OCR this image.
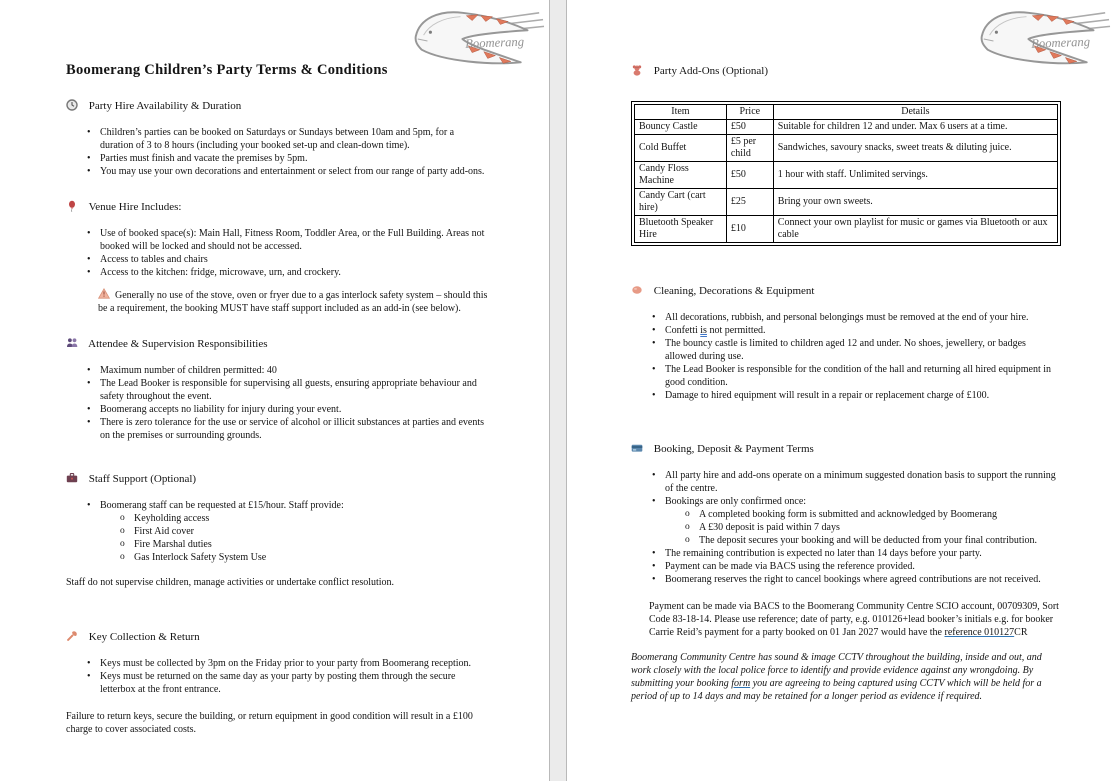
Boomerang
Boomerang Children’s Party Terms & Conditions
Party Hire Availability & Duration
• Children’s parties can be booked on Saturdays or Sundays between 10am and 5pm, for a duration of 3 to 8 hours (including your booked set-up and clean-down time).
• Parties must finish and vacate the premises by 5pm.
• You may use your own decorations and entertainment or select from our range of party add-ons.
Venue Hire Includes:
• Use of booked space(s): Main Hall, Fitness Room, Toddler Area, or the Full Building. Areas not booked will be locked and should not be accessed.
• Access to tables and chairs
• Access to the kitchen: fridge, microwave, urn, and crockery.
Generally no use of the stove, oven or fryer due to a gas interlock safety system – should this be a requirement, the booking MUST have staff support included as an add-in (see below).
Attendee & Supervision Responsibilities
• Maximum number of children permitted: 40
• The Lead Booker is responsible for supervising all guests, ensuring appropriate behaviour and safety throughout the event.
• Boomerang accepts no liability for injury during your event.
• There is zero tolerance for the use or service of alcohol or illicit substances at parties and events on the premises or surrounding grounds.
Staff Support (Optional)
• Boomerang staff can be requested at £15/hour. Staff provide:
o Keyholding access
o First Aid cover
o Fire Marshal duties
o Gas Interlock Safety System Use

Staff do not supervise children, manage activities or undertake conflict resolution.

Key Collection & Return
• Keys must be collected by 3pm on the Friday prior to your party from Boomerang reception.
• Keys must be returned on the same day as your party by posting them through the secure letterbox at the front entrance.

Failure to return keys, secure the building, or return equipment in good condition will result in a £100 charge to cover associated costs.

Boomerang
Party Add-Ons (Optional)
Item	Price	Details
Bouncy Castle	£50	Suitable for children 12 and under. Max 6 users at a time.
Cold Buffet	£5 per child	Sandwiches, savoury snacks, sweet treats & diluting juice.
Candy Floss Machine	£50	1 hour with staff. Unlimited servings.
Candy Cart (cart hire)	£25	Bring your own sweets.
Bluetooth Speaker Hire	£10	Connect your own playlist for music or games via Bluetooth or aux cable
Cleaning, Decorations & Equipment
• All decorations, rubbish, and personal belongings must be removed at the end of your hire.
• Confetti is not permitted.
• The bouncy castle is limited to children aged 12 and under. No shoes, jewellery, or badges allowed during use.
• The Lead Booker is responsible for the condition of the hall and returning all hired equipment in good condition.
• Damage to hired equipment will result in a repair or replacement charge of £100.
Booking, Deposit & Payment Terms
• All party hire and add-ons operate on a minimum suggested donation basis to support the running of the centre.
• Bookings are only confirmed once:
o A completed booking form is submitted and acknowledged by Boomerang
o A £30 deposit is paid within 7 days
o The deposit secures your booking and will be deducted from your final contribution.
• The remaining contribution is expected no later than 14 days before your party.
• Payment can be made via BACS using the reference provided.
• Boomerang reserves the right to cancel bookings where agreed contributions are not received.

Payment can be made via BACS to the Boomerang Community Centre SCIO account, 00709309, Sort Code 83-18-14. Please use reference; date of party, e.g. 010126+lead booker’s initials e.g. for booker Carrie Reid’s payment for a party booked on 01 Jan 2027 would have the reference 010127CR

Boomerang Community Centre has sound & image CCTV throughout the building, inside and out, and work closely with the local police force to identify and provide evidence against any wrongdoing. By submitting your booking form you are agreeing to being captured using CCTV which will be held for a period of up to 14 days and may be retained for a longer period as evidence if required.
